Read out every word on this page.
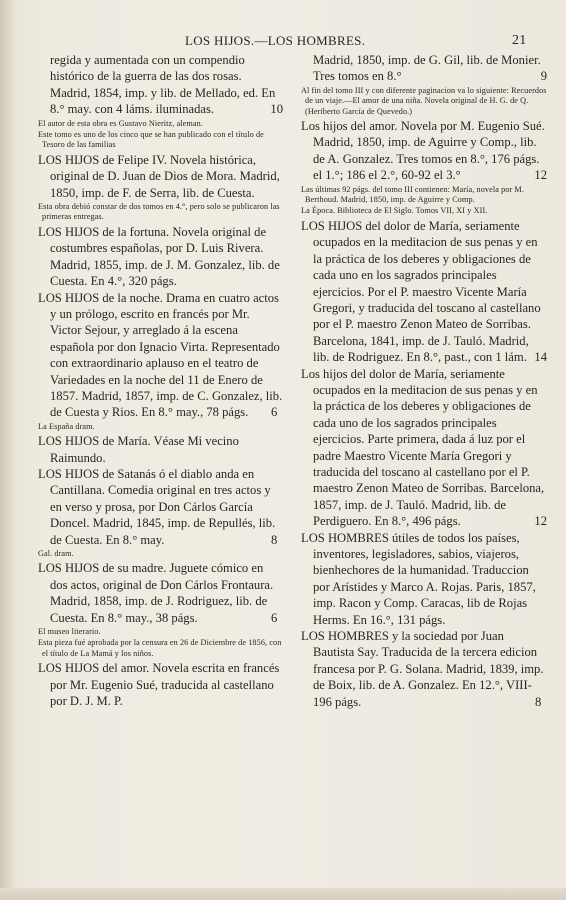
LOS HIJOS.—LOS HOMBRES.	21

regida y aumentada con un compendio histórico de la guerra de las dos rosas. Madrid, 1854, imp. y lib. de Mellado, ed. En 8.° may. con 4 láms. iluminadas.	10

El autor de esta obra es Gustavo Nieritz, aleman.

Este tomo es uno de los cinco que se han publicado con el título de Tesoro de las familias

LOS HIJOS de Felipe IV. Novela histórica, original de D. Juan de Dios de Mora. Madrid, 1850, imp. de F. de Serra, lib. de Cuesta.

Esta obra debió constar de dos tomos en 4.°, pero solo se publicaron las primeras entregas.

LOS HIJOS de la fortuna. Novela original de costumbres españolas, por D. Luis Rivera. Madrid, 1855, imp. de J. M. Gonzalez, lib. de Cuesta. En 4.°, 320 págs.

LOS HIJOS de la noche. Drama en cuatro actos y un prólogo, escrito en francés por Mr. Victor Sejour, y arreglado á la escena española por don Ignacio Virta. Representado con extraordinario aplauso en el teatro de Variedades en la noche del 11 de Enero de 1857. Madrid, 1857, imp. de C. Gonzalez, lib. de Cuesta y Rios. En 8.° may., 78 págs. 6

La España dram.

LOS HIJOS de María. Véase Mi vecino Raimundo.

LOS HIJOS de Satanás ó el diablo anda en Cantillana. Comedia original en tres actos y en verso y prosa, por Don Cárlos García Doncel. Madrid, 1845, imp. de Repullés, lib. de Cuesta. En 8.° may.	8

Gal. dram.

LOS HIJOS de su madre. Juguete cómico en dos actos, original de Don Cárlos Frontaura. Madrid, 1858, imp. de J. Rodriguez, lib. de Cuesta. En 8.° may., 38 págs.	6

El museo literario.

Esta pieza fué aprobada por la censura en 26 de Diciembre de 1856, con el título de La Mamá y los niños.

LOS HIJOS del amor. Novela escrita en francés por Mr. Eugenio Sué, traducida al castellano por D. J. M. P.

Madrid, 1850, imp. de G. Gil, lib. de Monier. Tres tomos en 8.°	9

Al fin del tomo III y con diferente paginacion va lo siguiente: Recuerdos de un viaje.—El amor de una niña. Novela original de H. G. de Q. (Heriberto García de Quevedo.)

Los hijos del amor. Novela por M. Eugenio Sué. Madrid, 1850, imp. de Aguirre y Comp., lib. de A. Gonzalez. Tres tomos en 8.°, 176 págs. el 1.°; 186 el 2.°, 60-92 el 3.°	12

Las últimas 92 págs. del tomo III contienen: María, novela por M. Berthoud. Madrid, 1850, imp. de Aguirre y Comp.

La Época. Biblioteca de El Siglo. Tomos VII, XI y XII.

LOS HIJOS del dolor de María, seriamente ocupados en la meditacion de sus penas y en la práctica de los deberes y obligaciones de cada uno en los sagrados principales ejercicios. Por el P. maestro Vicente María Gregori, y traducida del toscano al castellano por el P. maestro Zenon Mateo de Sorribas. Barcelona, 1841, imp. de J. Tauló. Madrid, lib. de Rodriguez. En 8.°, past., con 1 lám. 14

Los hijos del dolor de María, seriamente ocupados en la meditacion de sus penas y en la práctica de los deberes y obligaciones de cada uno de los sagrados principales ejercicios. Parte primera, dada á luz por el padre Maestro Vicente María Gregori y traducida del toscano al castellano por el P. maestro Zenon Mateo de Sorribas. Barcelona, 1857, imp. de J. Tauló. Madrid, lib. de Perdiguero. En 8.°, 496 págs.	12

LOS HOMBRES útiles de todos los países, inventores, legisladores, sabios, viajeros, bienhechores de la humanidad. Traduccion por Arístides y Marco A. Rojas. Paris, 1857, imp. Racon y Comp. Caracas, lib de Rojas Herms. En 16.°, 131 págs.

LOS HOMBRES y la sociedad por Juan Bautista Say. Traducida de la tercera edicion francesa por P. G. Solana. Madrid, 1839, imp. de Boix, lib. de A. Gonzalez. En 12.°, VIII-196 págs.	8
